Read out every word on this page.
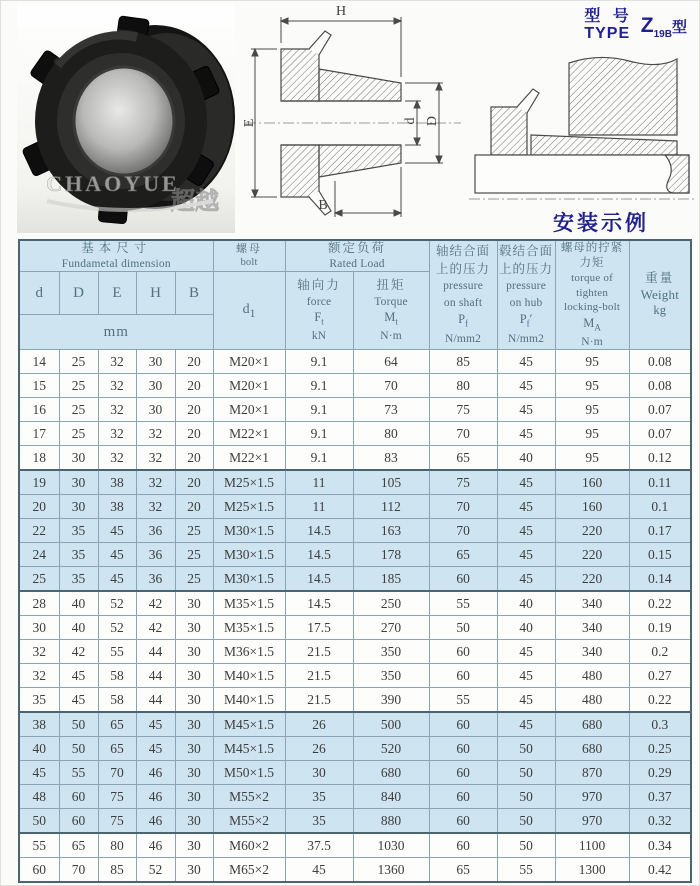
CHAOYUE
超越
H
E	d D
B
型 号
TYPE $Z_{19B}$型
安装示例
基本尺寸
Fundametal dimension

螺母
bolt

额定负荷
Rated Load

轴结合面
上的压力
pressure
on shaft
$P_f$
N/mm2

毂结合面
上的压力
pressure
on hub
$P_f'$
N/mm2

螺母的拧紧
力矩
torque of
tighten
locking-bolt
$M_A$
N·m

重量
Weight
kg

d	D	E	H	B	$d_1$	轴向力
force
$F_t$
kN	扭矩
Torque
$M_t$
N·m				

mm											
14	25	32	30	20	M20×1	9.1	64	85	45	95	0.08
15	25	32	30	20	M20×1	9.1	70	80	45	95	0.08
16	25	32	30	20	M20×1	9.1	73	75	45	95	0.07
17	25	32	32	20	M22×1	9.1	80	70	45	95	0.07
18	30	32	32	20	M22×1	9.1	83	65	40	95	0.12
19	30	38	32	20	M25×1.5	11	105	75	45	160	0.11
20	30	38	32	20	M25×1.5	11	112	70	45	160	0.1
22	35	45	36	25	M30×1.5	14.5	163	70	45	220	0.17
24	35	45	36	25	M30×1.5	14.5	178	65	45	220	0.15
25	35	45	36	25	M30×1.5	14.5	185	60	45	220	0.14
28	40	52	42	30	M35×1.5	14.5	250	55	40	340	0.22
30	40	52	42	30	M35×1.5	17.5	270	50	40	340	0.19
32	42	55	44	30	M36×1.5	21.5	350	60	45	340	0.2
32	45	58	44	30	M40×1.5	21.5	350	60	45	480	0.27
35	45	58	44	30	M40×1.5	21.5	390	55	45	480	0.22
38	50	65	45	30	M45×1.5	26	500	60	45	680	0.3
40	50	65	45	30	M45×1.5	26	520	60	50	680	0.25
45	55	70	46	30	M50×1.5	30	680	60	50	870	0.29
48	60	75	46	30	M55×2	35	840	60	50	970	0.37
50	60	75	46	30	M55×2	35	880	60	50	970	0.32
55	65	80	46	30	M60×2	37.5	1030	60	50	1100	0.34
60	70	85	52	30	M65×2	45	1360	65	55	1300	0.42
